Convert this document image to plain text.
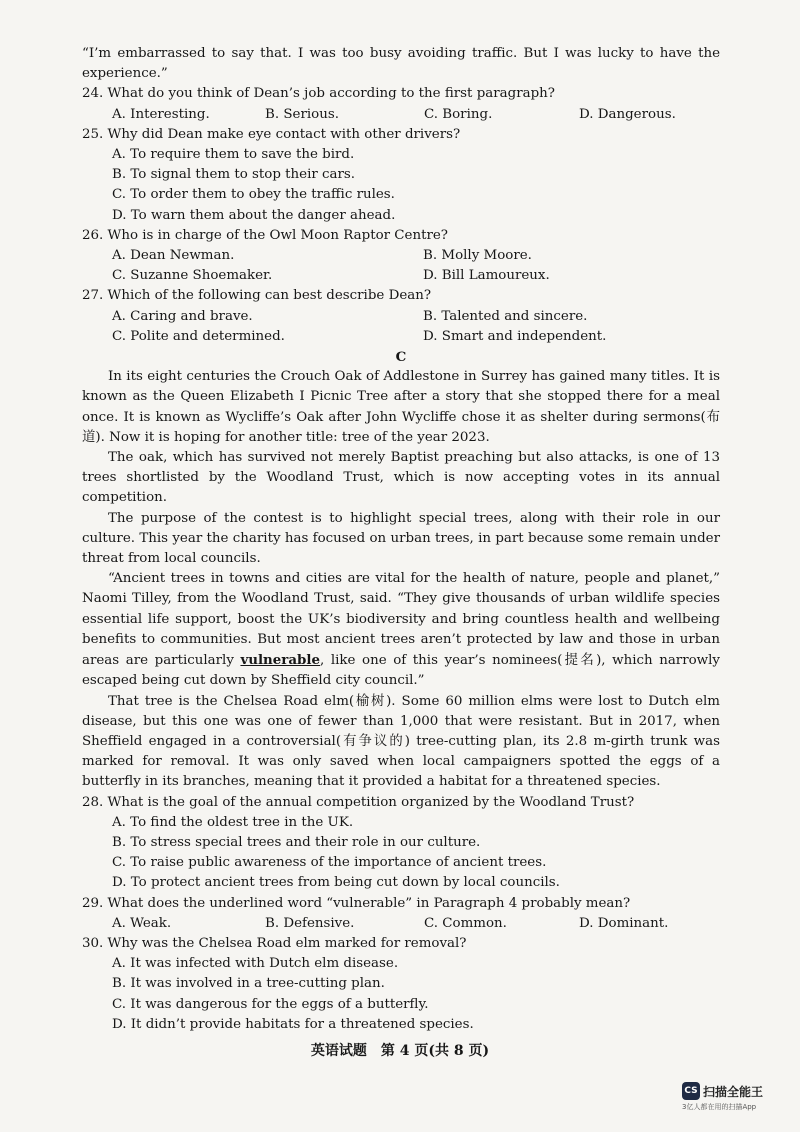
“I’m embarrassed to say that. I was too busy avoiding traffic. But I was lucky to have the
experience.”
24. What do you think of Dean’s job according to the first paragraph?
A. Interesting.	B. Serious.	C. Boring.	D. Dangerous.
25. Why did Dean make eye contact with other drivers?
A. To require them to save the bird.
B. To signal them to stop their cars.
C. To order them to obey the traffic rules.
D. To warn them about the danger ahead.
26. Who is in charge of the Owl Moon Raptor Centre?
A. Dean Newman.	B. Molly Moore.
C. Suzanne Shoemaker.	D. Bill Lamoureux.
27. Which of the following can best describe Dean?
A. Caring and brave.	B. Talented and sincere.
C. Polite and determined.	D. Smart and independent.
C

In its eight centuries the Crouch Oak of Addlestone in Surrey has gained many titles. It is known as the Queen Elizabeth I Picnic Tree after a story that she stopped there for a meal once. It is known as Wycliffe’s Oak after John Wycliffe chose it as shelter during sermons(布道). Now it is hoping for another title: tree of the year 2023.

The oak, which has survived not merely Baptist preaching but also attacks, is one of 13 trees shortlisted by the Woodland Trust, which is now accepting votes in its annual competition.

The purpose of the contest is to highlight special trees, along with their role in our culture. This year the charity has focused on urban trees, in part because some remain under threat from local councils.

“Ancient trees in towns and cities are vital for the health of nature, people and planet,” Naomi Tilley, from the Woodland Trust, said. “They give thousands of urban wildlife species essential life support, boost the UK’s biodiversity and bring countless health and wellbeing benefits to communities. But most ancient trees aren’t protected by law and those in urban areas are particularly vulnerable, like one of this year’s nominees(提名), which narrowly escaped being cut down by Sheffield city council.”

That tree is the Chelsea Road elm(榆树). Some 60 million elms were lost to Dutch elm disease, but this one was one of fewer than 1,000 that were resistant. But in 2017, when Sheffield engaged in a controversial(有争议的) tree-cutting plan, its 2.8 m-girth trunk was marked for removal. It was only saved when local campaigners spotted the eggs of a butterfly in its branches, meaning that it provided a habitat for a threatened species.

28. What is the goal of the annual competition organized by the Woodland Trust?
A. To find the oldest tree in the UK.
B. To stress special trees and their role in our culture.
C. To raise public awareness of the importance of ancient trees.
D. To protect ancient trees from being cut down by local councils.
29. What does the underlined word “vulnerable” in Paragraph 4 probably mean?
A. Weak.	B. Defensive.	C. Common.	D. Dominant.
30. Why was the Chelsea Road elm marked for removal?
A. It was infected with Dutch elm disease.
B. It was involved in a tree-cutting plan.
C. It was dangerous for the eggs of a butterfly.
D. It didn’t provide habitats for a threatened species.
英语试题　第 4 页(共 8 页)
CS 扫描全能王
3亿人都在用的扫描App
